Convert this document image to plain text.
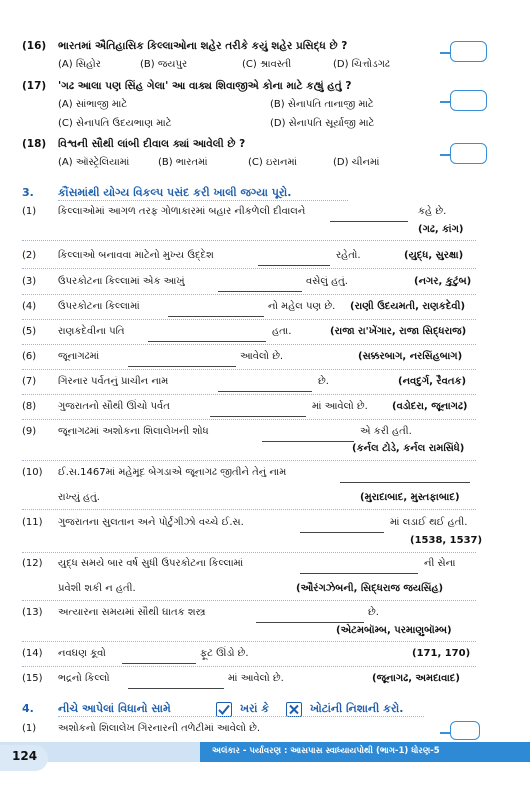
(16) ભારતમાં ઐતિહાસિક કિલ્લાઓના શહેર તરીકે કયું શહેર પ્રસિદ્ધ છે ?
(A) સિહોર	(B) જયપુર	(C) શ્રાવસ્તી	(D) ચિત્તોડગઢ
(17) 'ગઢ આલા પણ સિંહ ગેલા' આ વાક્ય શિવાજીએ કોના માટે કહ્યું હતું ?
(A) સાંભાજી માટે	(B) સેનાપતિ તાનાજી માટે
(C) સેનાપતિ ઉદયભાણ માટે	(D) સેનાપતિ સૂર્યાજી માટે
(18) વિશ્વની સૌથી લાંબી દીવાલ ક્યાં આવેલી છે ?
(A) ઑસ્ટ્રેલિયામાં	(B) ભારતમાં	(C) ઇરાનમાં	(D) ચીનમાં
3. કૌંસમાંથી યોગ્ય વિકલ્પ પસંદ કરી ખાલી જગ્યા પૂરો.
(1) કિલ્લાઓમાં આગળ તરફ ગોળાકારમાં બહાર નીકળેલી દીવાલને	કહે છે.
(ગઢ, કાંગ)
(2) કિલ્લાઓ બનાવવા માટેનો મુખ્ય ઉદ્દેશ	રહેતો.	(યુદ્ધ, સુરક્ષા)
(3) ઉપરકોટના કિલ્લામાં એક આખું	વસેલું હતું.	(નગર, કુટુંબ)
(4) ઉપરકોટના કિલ્લામાં	નો મહેલ પણ છે. (રાણી ઉદયમતી, રાણકદેવી)
(5) રાણકદેવીના પતિ	હતા.	(રાજા રા'ખેંગાર, રાજા સિદ્ધરાજ)
(6) જૂનાગઢમાં	આવેલો છે.	(સક્કરબાગ, નરસિંહબાગ)
(7) ગિરનાર પર્વતનું પ્રાચીન નામ	છે.	(નવદુર્ગ, રૈવતક)
(8) ગુજરાતનો સૌથી ઊંચો પર્વત	માં આવેલો છે. (વડોદરા, જૂનાગઢ)
(9) જૂનાગઢમાં અશોકના શિલાલેખની શોધ	એ કરી હતી.
(કર્નલ ટોડે, કર્નલ રામસિંધે)
(10) ઈ.સ.1467માં મહેમૂદ બેગડાએ જૂનાગઢ જીતીને તેનું નામ
રાખ્યું હતું.	(મુરાદાબાદ, મુસ્તફાબાદ)
(11) ગુજરાતના સુલતાન અને પોર્ટુગીઝો વચ્ચે ઈ.સ.	માં લડાઈ થઈ હતી.
(1538, 1537)
(12) યુદ્ધ સમયે બાર વર્ષ સુધી ઉપરકોટના કિલ્લામાં	ની સેના
પ્રવેશી શકી ન હતી.	(ઔરંગઝેબની, સિદ્ધરાજ જયસિંહ)
(13) અત્યારના સમયમાં સૌથી ઘાતક શસ્ત્ર	છે.
(એટમબૉમ્બ, પરમાણુબૉમ્બ)
(14) નવઘણ કૂવો	ફૂટ ઊંડો છે.	(171, 170)
(15) ભદ્રનો કિલ્લો	માં આવેલો છે.	(જૂનાગઢ, અમદાવાદ)
4. નીચે આપેલાં વિધાનો સામે	ખરાં કે	ખોટાંની નિશાની કરો.
(1) અશોકનો શિલાલેખ ગિરનારની તળેટીમાં આવેલો છે.
અલંકાર - પર્યાવરણ : આસપાસ સ્વાધ્યાયપોથી (ભાગ-1) ધોરણ-5
124
